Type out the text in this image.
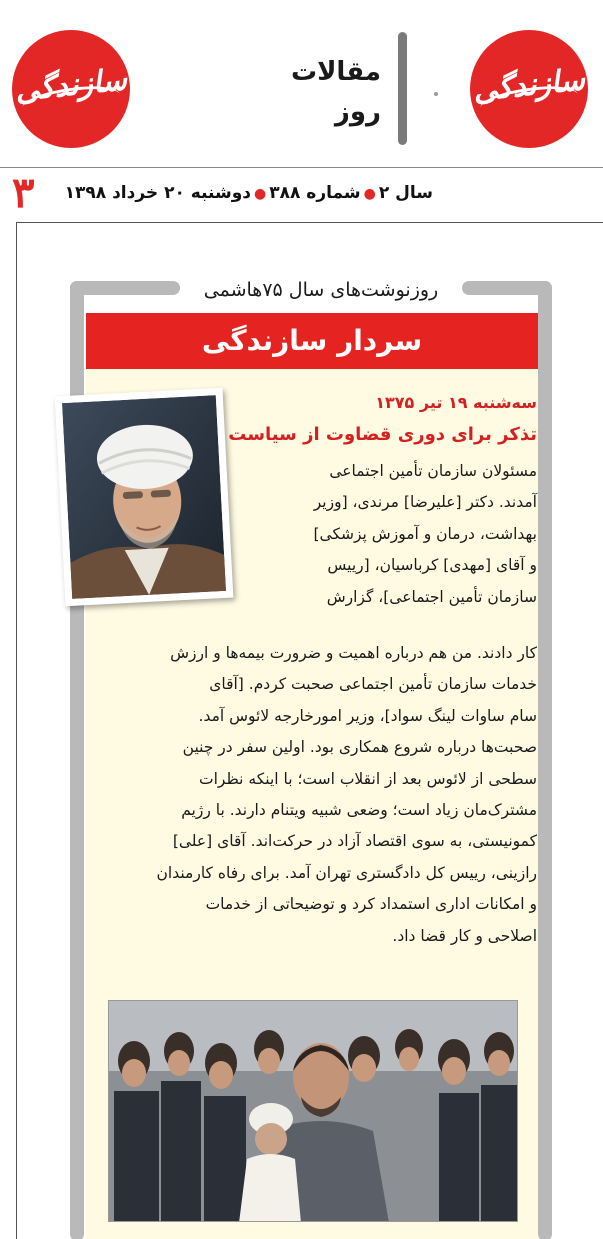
سازندگی	مقالات
روز
سازندگی
سال ۲●شماره ۳۸۸●دوشنبه ۲۰ خرداد ۱۳۹۸
۳
روزنوشت‌های سال ۷۵هاشمی
سردار سازندگی
سه‌شنبه ۱۹ تیر ۱۳۷۵
تذکر برای دوری قضاوت از سیاست
مسئولان سازمان تأمین اجتماعی
آمدند. دکتر [علیرضا] مرندی، [وزیر
بهداشت، درمان و آموزش پزشکی]
و آقای [مهدی] کرباسیان، [رییس
سازمان تأمین اجتماعی]، گزارش
کار دادند. من هم درباره اهمیت و ضرورت بیمه‌ها و ارزش
خدمات سازمان تأمین اجتماعی صحبت کردم. [آقای
سام ساوات لینگ سواد]، وزیر امورخارجه لائوس آمد.
صحبت‌ها درباره شروع همکاری بود. اولین سفر در چنین
سطحی از لائوس بعد از انقلاب است؛ با اینکه نظرات
مشترک‌مان زیاد است؛ وضعی شبیه ویتنام دارند. با رژیم
کمونیستی، به سوی اقتصاد آزاد در حرکت‌اند. آقای [علی]
رازینی، رییس کل دادگستری تهران آمد. برای رفاه کارمندان
و امکانات اداری استمداد کرد و توضیحاتی از خدمات
اصلاحی و کار قضا داد.
